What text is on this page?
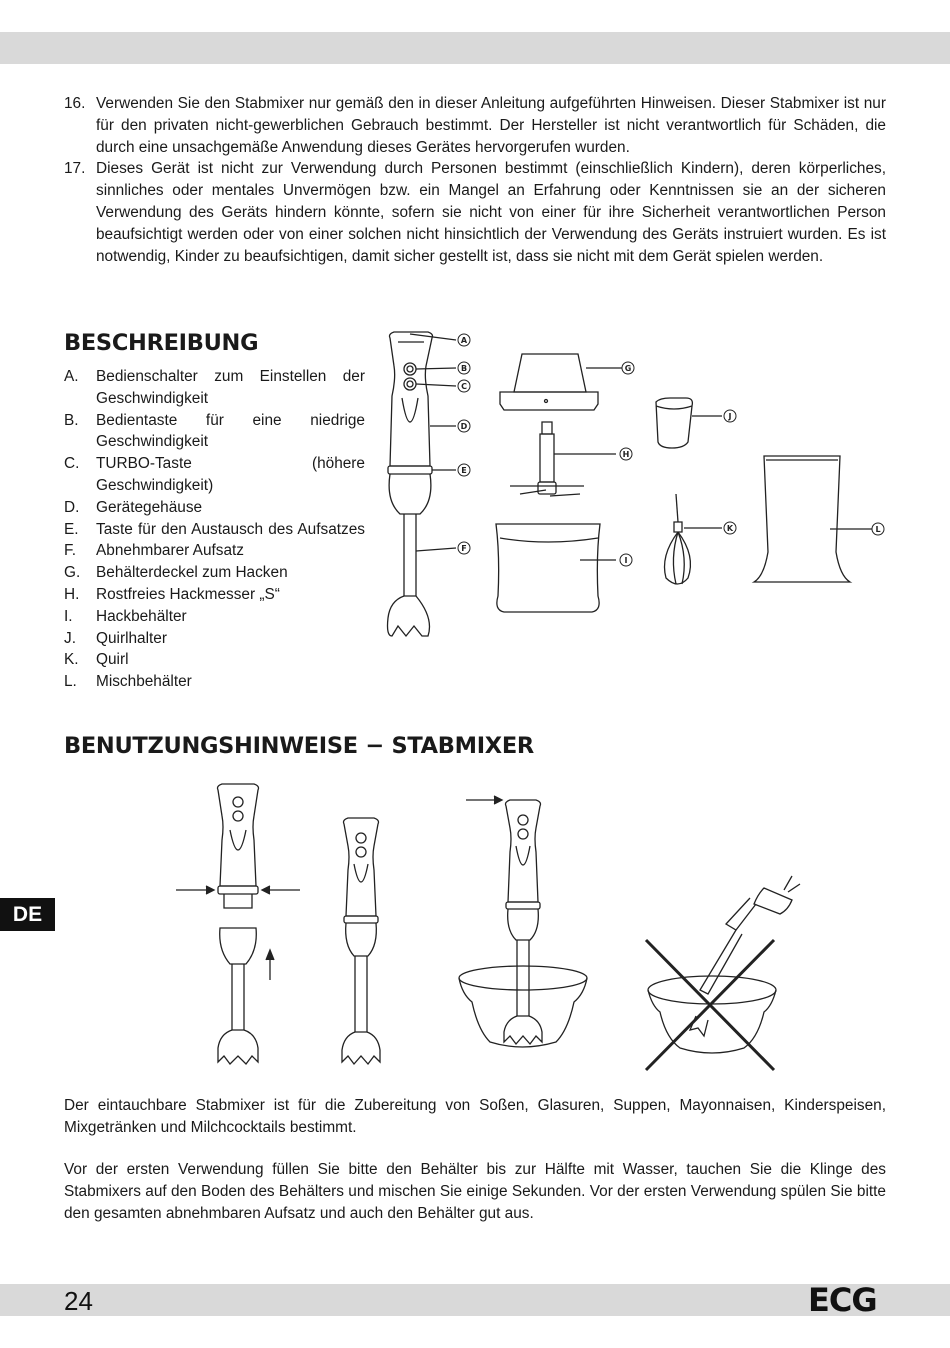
16. Verwenden Sie den Stabmixer nur gemäß den in dieser Anleitung aufgeführten Hinweisen. Dieser Stabmixer ist nur für den privaten nicht-gewerblichen Gebrauch bestimmt. Der Hersteller ist nicht verantwortlich für Schäden, die durch eine unsachgemäße Anwendung dieses Gerätes hervorgerufen wurden.
17. Dieses Gerät ist nicht zur Verwendung durch Personen bestimmt (einschließlich Kindern), deren körperliches, sinnliches oder mentales Unvermögen bzw. ein Mangel an Erfahrung oder Kenntnissen sie an der sicheren Verwendung des Geräts hindern könnte, sofern sie nicht von einer für ihre Sicherheit verantwortlichen Person beaufsichtigt werden oder von einer solchen nicht hinsichtlich der Verwendung des Geräts instruiert wurden. Es ist notwendig, Kinder zu beaufsichtigen, damit sicher gestellt ist, dass sie nicht mit dem Gerät spielen werden.
BESCHREIBUNG
A. Bedienschalter zum Einstellen der Geschwindigkeit
B. Bedientaste für eine niedrige Geschwindigkeit
C. TURBO-Taste (höhere Geschwindigkeit)
D. Gerätegehäuse
E. Taste für den Austausch des Aufsatzes
F. Abnehmbarer Aufsatz
G. Behälterdeckel zum Hacken
H. Rostfreies Hackmesser „S“
I. Hackbehälter
J. Quirlhalter
K. Quirl
L. Mischbehälter
A
B
C
D
E
F
G
H
I
J
K	L
BENUTZUNGSHINWEISE − STABMIXER

Der eintauchbare Stabmixer ist für die Zubereitung von Soßen, Glasuren, Suppen, Mayonnaisen, Kinderspeisen, Mixgetränken und Milchcocktails bestimmt.

Vor der ersten Verwendung füllen Sie bitte den Behälter bis zur Hälfte mit Wasser, tauchen Sie die Klinge des Stabmixers auf den Boden des Behälters und mischen Sie einige Sekunden. Vor der ersten Verwendung spülen Sie bitte den gesamten abnehmbaren Aufsatz und auch den Behälter gut aus.

DE
24	ECG
